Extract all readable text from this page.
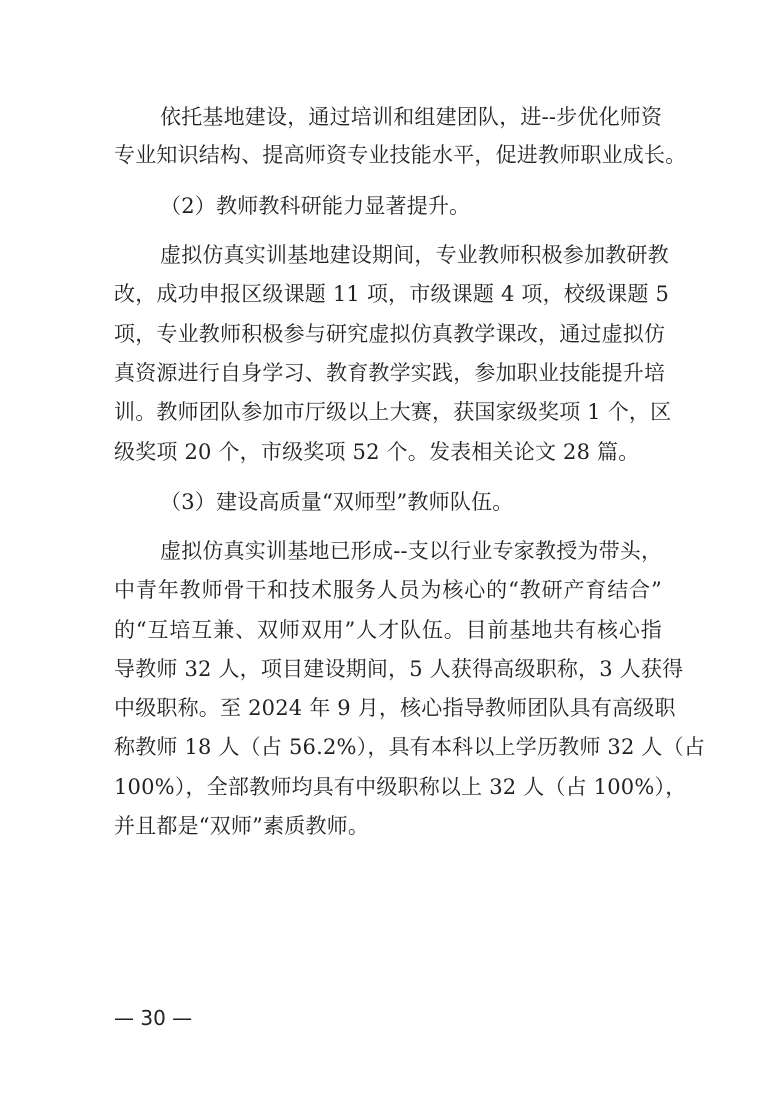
依托基地建设，通过培训和组建团队，进--步优化师资
专业知识结构、提高师资专业技能水平，促进教师职业成长。
（2）教师教科研能力显著提升。
虚拟仿真实训基地建设期间，专业教师积极参加教研教
改，成功申报区级课题 11 项，市级课题 4 项，校级课题 5
项，专业教师积极参与研究虚拟仿真教学课改，通过虚拟仿
真资源进行自身学习、教育教学实践，参加职业技能提升培
训。教师团队参加市厅级以上大赛，获国家级奖项 1 个，区
级奖项 20 个，市级奖项 52 个。发表相关论文 28 篇。
（3）建设高质量“双师型”教师队伍。
虚拟仿真实训基地已形成--支以行业专家教授为带头，
中青年教师骨干和技术服务人员为核心的“教研产育结合”
的“互培互兼、双师双用”人才队伍。目前基地共有核心指
导教师 32 人，项目建设期间，5 人获得高级职称，3 人获得
中级职称。至 2024 年 9 月，核心指导教师团队具有高级职
称教师 18 人（占 56.2%），具有本科以上学历教师 32 人（占
100%），全部教师均具有中级职称以上 32 人（占 100%），
并且都是“双师”素质教师。
— 30 —
